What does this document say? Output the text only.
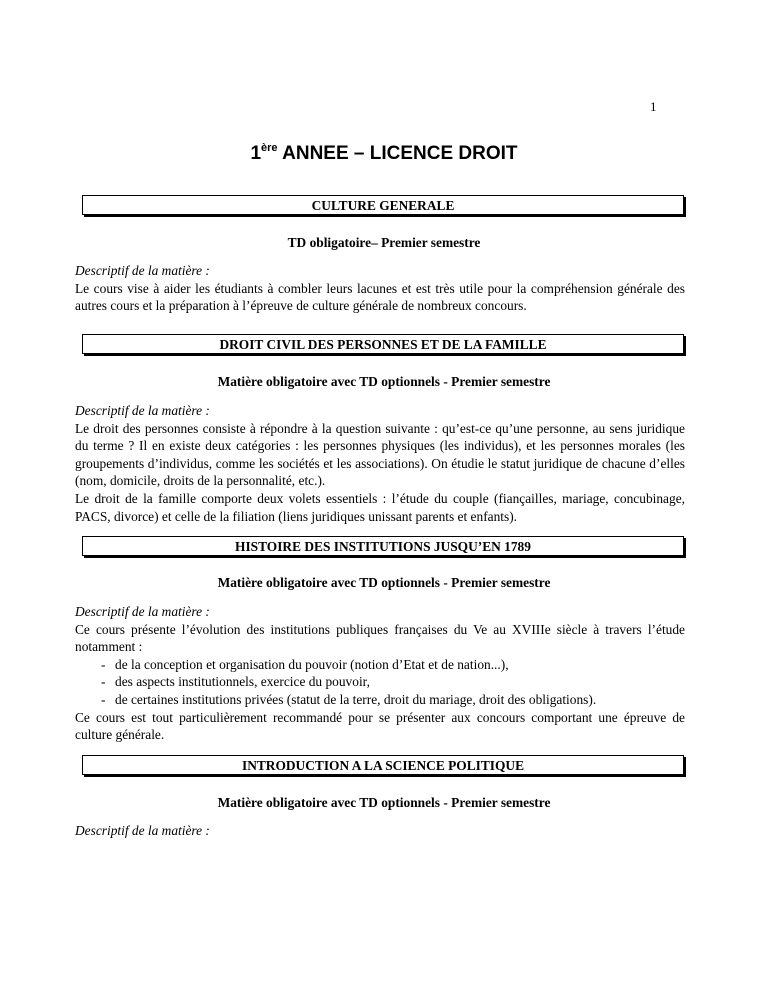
1
1ère ANNEE – LICENCE DROIT
CULTURE GENERALE
TD obligatoire– Premier semestre

Descriptif de la matière :

Le cours vise à aider les étudiants à combler leurs lacunes et est très utile pour la compréhension générale des autres cours et la préparation à l’épreuve de culture générale de nombreux concours.

DROIT CIVIL DES PERSONNES ET DE LA FAMILLE
Matière obligatoire avec TD optionnels - Premier semestre

Descriptif de la matière :

Le droit des personnes consiste à répondre à la question suivante : qu’est-ce qu’une personne, au sens juridique du terme ? Il en existe deux catégories : les personnes physiques (les individus), et les personnes morales (les groupements d’individus, comme les sociétés et les associations). On étudie le statut juridique de chacune d’elles (nom, domicile, droits de la personnalité, etc.).

Le droit de la famille comporte deux volets essentiels : l’étude du couple (fiançailles, mariage, concubinage, PACS, divorce) et celle de la filiation (liens juridiques unissant parents et enfants).

HISTOIRE DES INSTITUTIONS JUSQU’EN 1789
Matière obligatoire avec TD optionnels - Premier semestre

Descriptif de la matière :

Ce cours présente l’évolution des institutions publiques françaises du Ve au XVIIIe siècle à travers l’étude notamment :

- de la conception et organisation du pouvoir (notion d’Etat et de nation...),
- des aspects institutionnels, exercice du pouvoir,
- de certaines institutions privées (statut de la terre, droit du mariage, droit des obligations).

Ce cours est tout particulièrement recommandé pour se présenter aux concours comportant une épreuve de culture générale.

INTRODUCTION A LA SCIENCE POLITIQUE
Matière obligatoire avec TD optionnels - Premier semestre

Descriptif de la matière :
